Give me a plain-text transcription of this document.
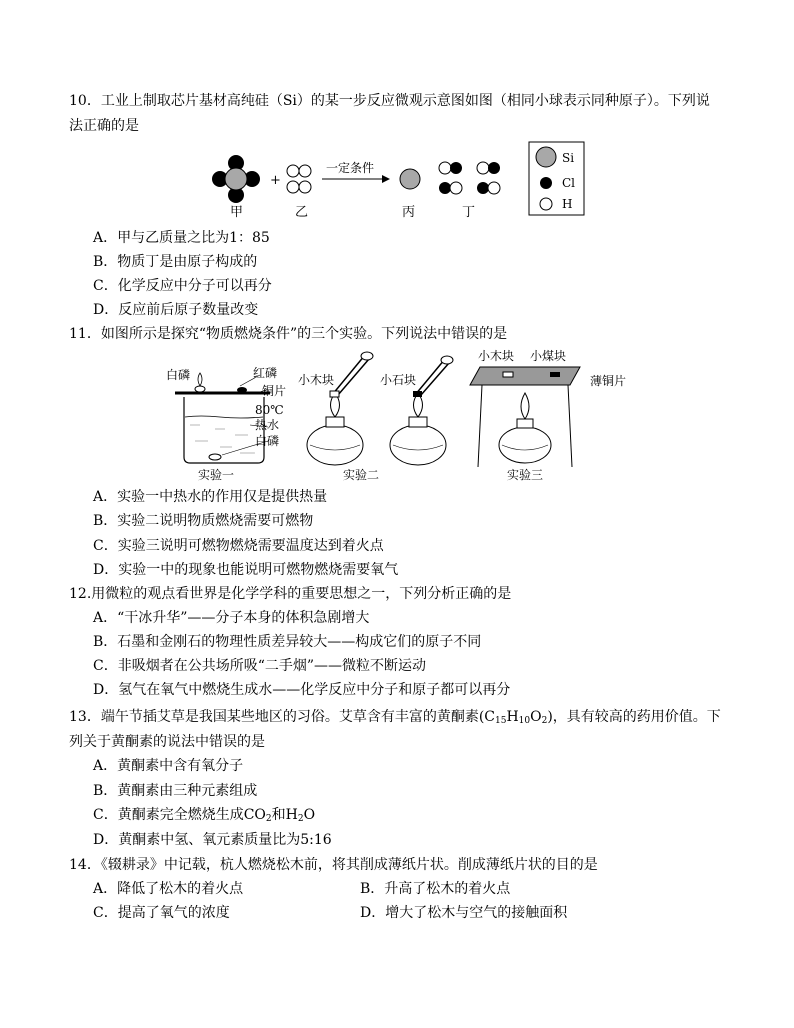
10．工业上制取芯片基材高纯硅（Si）的某一步反应微观示意图如图（相同小球表示同种原子）。下列说
法正确的是
+
一定条件
Si
Cl
H
甲	乙	丙	丁
A．甲与乙质量之比为1：85
B．物质丁是由原子构成的
C．化学反应中分子可以再分
D．反应前后原子数量改变
11．如图所示是探究“物质燃烧条件”的三个实验。下列说法中错误的是
白磷	红磷
铜片
80℃
热水
白磷
小木块	小石块
小木块 小煤块
薄铜片
实验一	实验二	实验三
A．实验一中热水的作用仅是提供热量
B．实验二说明物质燃烧需要可燃物
C．实验三说明可燃物燃烧需要温度达到着火点
D．实验一中的现象也能说明可燃物燃烧需要氧气
12.用微粒的观点看世界是化学学科的重要思想之一，下列分析正确的是
A．“干冰升华”——分子本身的体积急剧增大
B．石墨和金刚石的物理性质差异较大——构成它们的原子不同
C．非吸烟者在公共场所吸“二手烟”——微粒不断运动
D．氢气在氧气中燃烧生成水——化学反应中分子和原子都可以再分
13．端午节插艾草是我国某些地区的习俗。艾草含有丰富的黄酮素$(C_{15}H_{10}O_2)$，具有较高的药用价值。下
列关于黄酮素的说法中错误的是
A．黄酮素中含有氧分子
B．黄酮素由三种元素组成
C．黄酮素完全燃烧生成$CO_2$和$H_2O$
D．黄酮素中氢、氧元素质量比为5:16
14．《辍耕录》中记载，杭人燃烧松木前，将其削成薄纸片状。削成薄纸片状的目的是
A．降低了松木的着火点	B．升高了松木的着火点
C．提高了氧气的浓度	D．增大了松木与空气的接触面积
